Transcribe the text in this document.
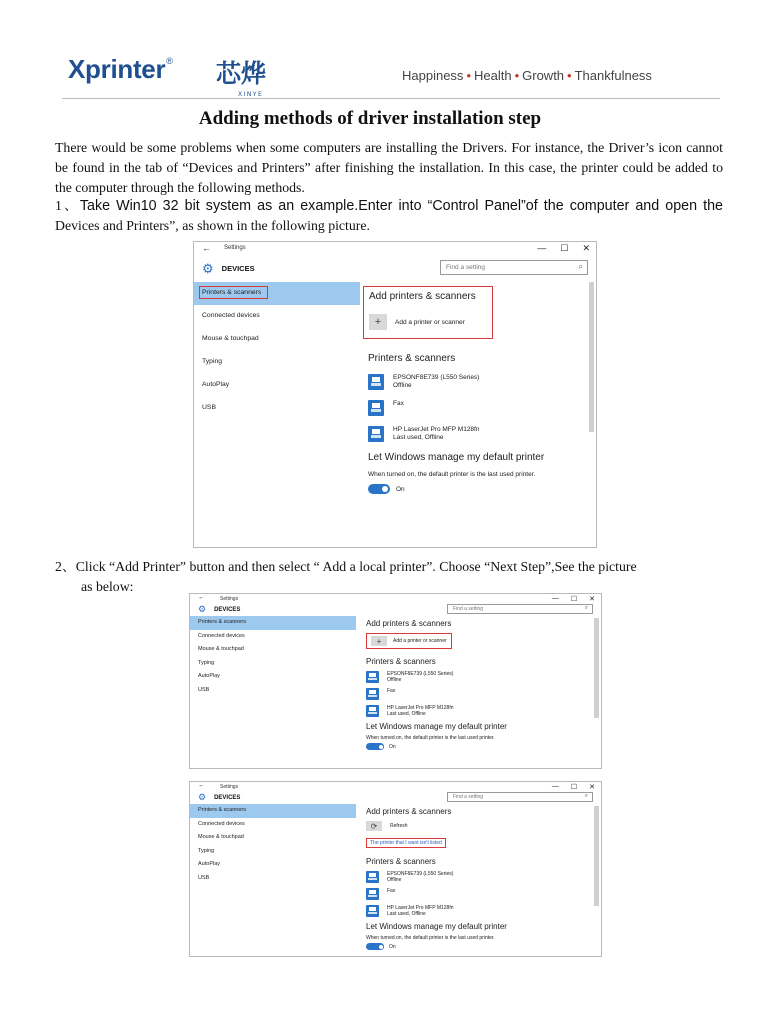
Xprinter ® 芯烨
XINYE
Happiness • Health • Growth • Thankfulness
Adding methods of driver installation step

There would be some problems when some computers are installing the Drivers. For instance, the Driver’s icon cannot be found in the tab of “Devices and Printers” after finishing the installation. In this case, the printer could be added to the computer through the following methods.

1、Take Win10 32 bit system as an example.Enter into “Control Panel”of the computer and open the Devices and Printers”, as shown in the following picture.

← Settings	— ☐ ✕
⚙ DEVICES	Find a setting	⌕
Printers & scanners
Connected devices
Mouse & touchpad
Typing
AutoPlay
USB
Add printers & scanners
+	Add a printer or scanner
Printers & scanners
EPSONF8E739 (L550 Series)
Offline
Fax
HP LaserJet Pro MFP M128fn
Last used, Offline
Let Windows manage my default printer
When turned on, the default printer is the last used printer.
On

2、Click “Add Printer” button and then select “ Add a local printer”. Choose “Next Step”,See the picture
as below:

←	Settings	— ☐ ✕
⚙ DEVICES	Find a setting	⌕
Printers & scanners
Connected devices
Mouse & touchpad
Typing
AutoPlay
USB
Add printers & scanners
+	Add a printer or scanner
Printers & scanners
EPSONF8E739 (L550 Series)
Offline
Fax
HP LaserJet Pro MFP M128fn
Last used, Offline
Let Windows manage my default printer
When turned on, the default printer is the last used printer.
On
←	Settings	— ☐ ✕
⚙ DEVICES	Find a setting	⌕
Printers & scanners
Connected devices
Mouse & touchpad
Typing
AutoPlay
USB
Add printers & scanners
⟳	Refresh
The printer that I want isn't listed
Printers & scanners
EPSONF8E739 (L550 Series)
Offline
Fax
HP LaserJet Pro MFP M128fn
Last used, Offline
Let Windows manage my default printer
When turned on, the default printer is the last used printer.
On
